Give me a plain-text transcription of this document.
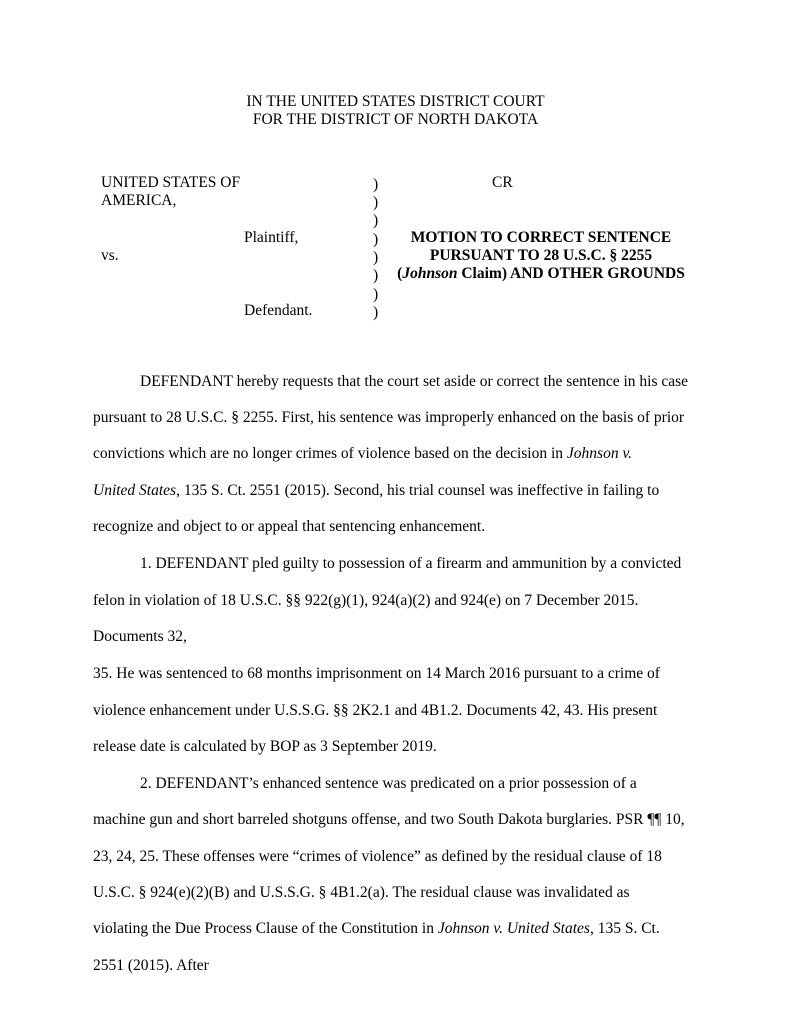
IN THE UNITED STATES DISTRICT COURT
FOR THE DISTRICT OF NORTH DAKOTA
UNITED STATES OF
AMERICA,
Plaintiff,
vs.
Defendant.
)
)
)
)
)
)
)
)
CR
MOTION TO CORRECT SENTENCE
PURSUANT TO 28 U.S.C. § 2255
(Johnson Claim) AND OTHER GROUNDS
DEFENDANT hereby requests that the court set aside or correct the sentence in his case
pursuant to 28 U.S.C. § 2255. First, his sentence was improperly enhanced on the basis of prior
convictions which are no longer crimes of violence based on the decision in Johnson v.
United States, 135 S. Ct. 2551 (2015). Second, his trial counsel was ineffective in failing to
recognize and object to or appeal that sentencing enhancement.
1. DEFENDANT pled guilty to possession of a firearm and ammunition by a convicted
felon in violation of 18 U.S.C. §§ 922(g)(1), 924(a)(2) and 924(e) on 7 December 2015.
Documents 32,
35. He was sentenced to 68 months imprisonment on 14 March 2016 pursuant to a crime of
violence enhancement under U.S.S.G. §§ 2K2.1 and 4B1.2. Documents 42, 43. His present
release date is calculated by BOP as 3 September 2019.
2. DEFENDANT’s enhanced sentence was predicated on a prior possession of a
machine gun and short barreled shotguns offense, and two South Dakota burglaries. PSR ¶¶ 10,
23, 24, 25. These offenses were “crimes of violence” as defined by the residual clause of 18
U.S.C. § 924(e)(2)(B) and U.S.S.G. § 4B1.2(a). The residual clause was invalidated as
violating the Due Process Clause of the Constitution in Johnson v. United States, 135 S. Ct.
2551 (2015). After
